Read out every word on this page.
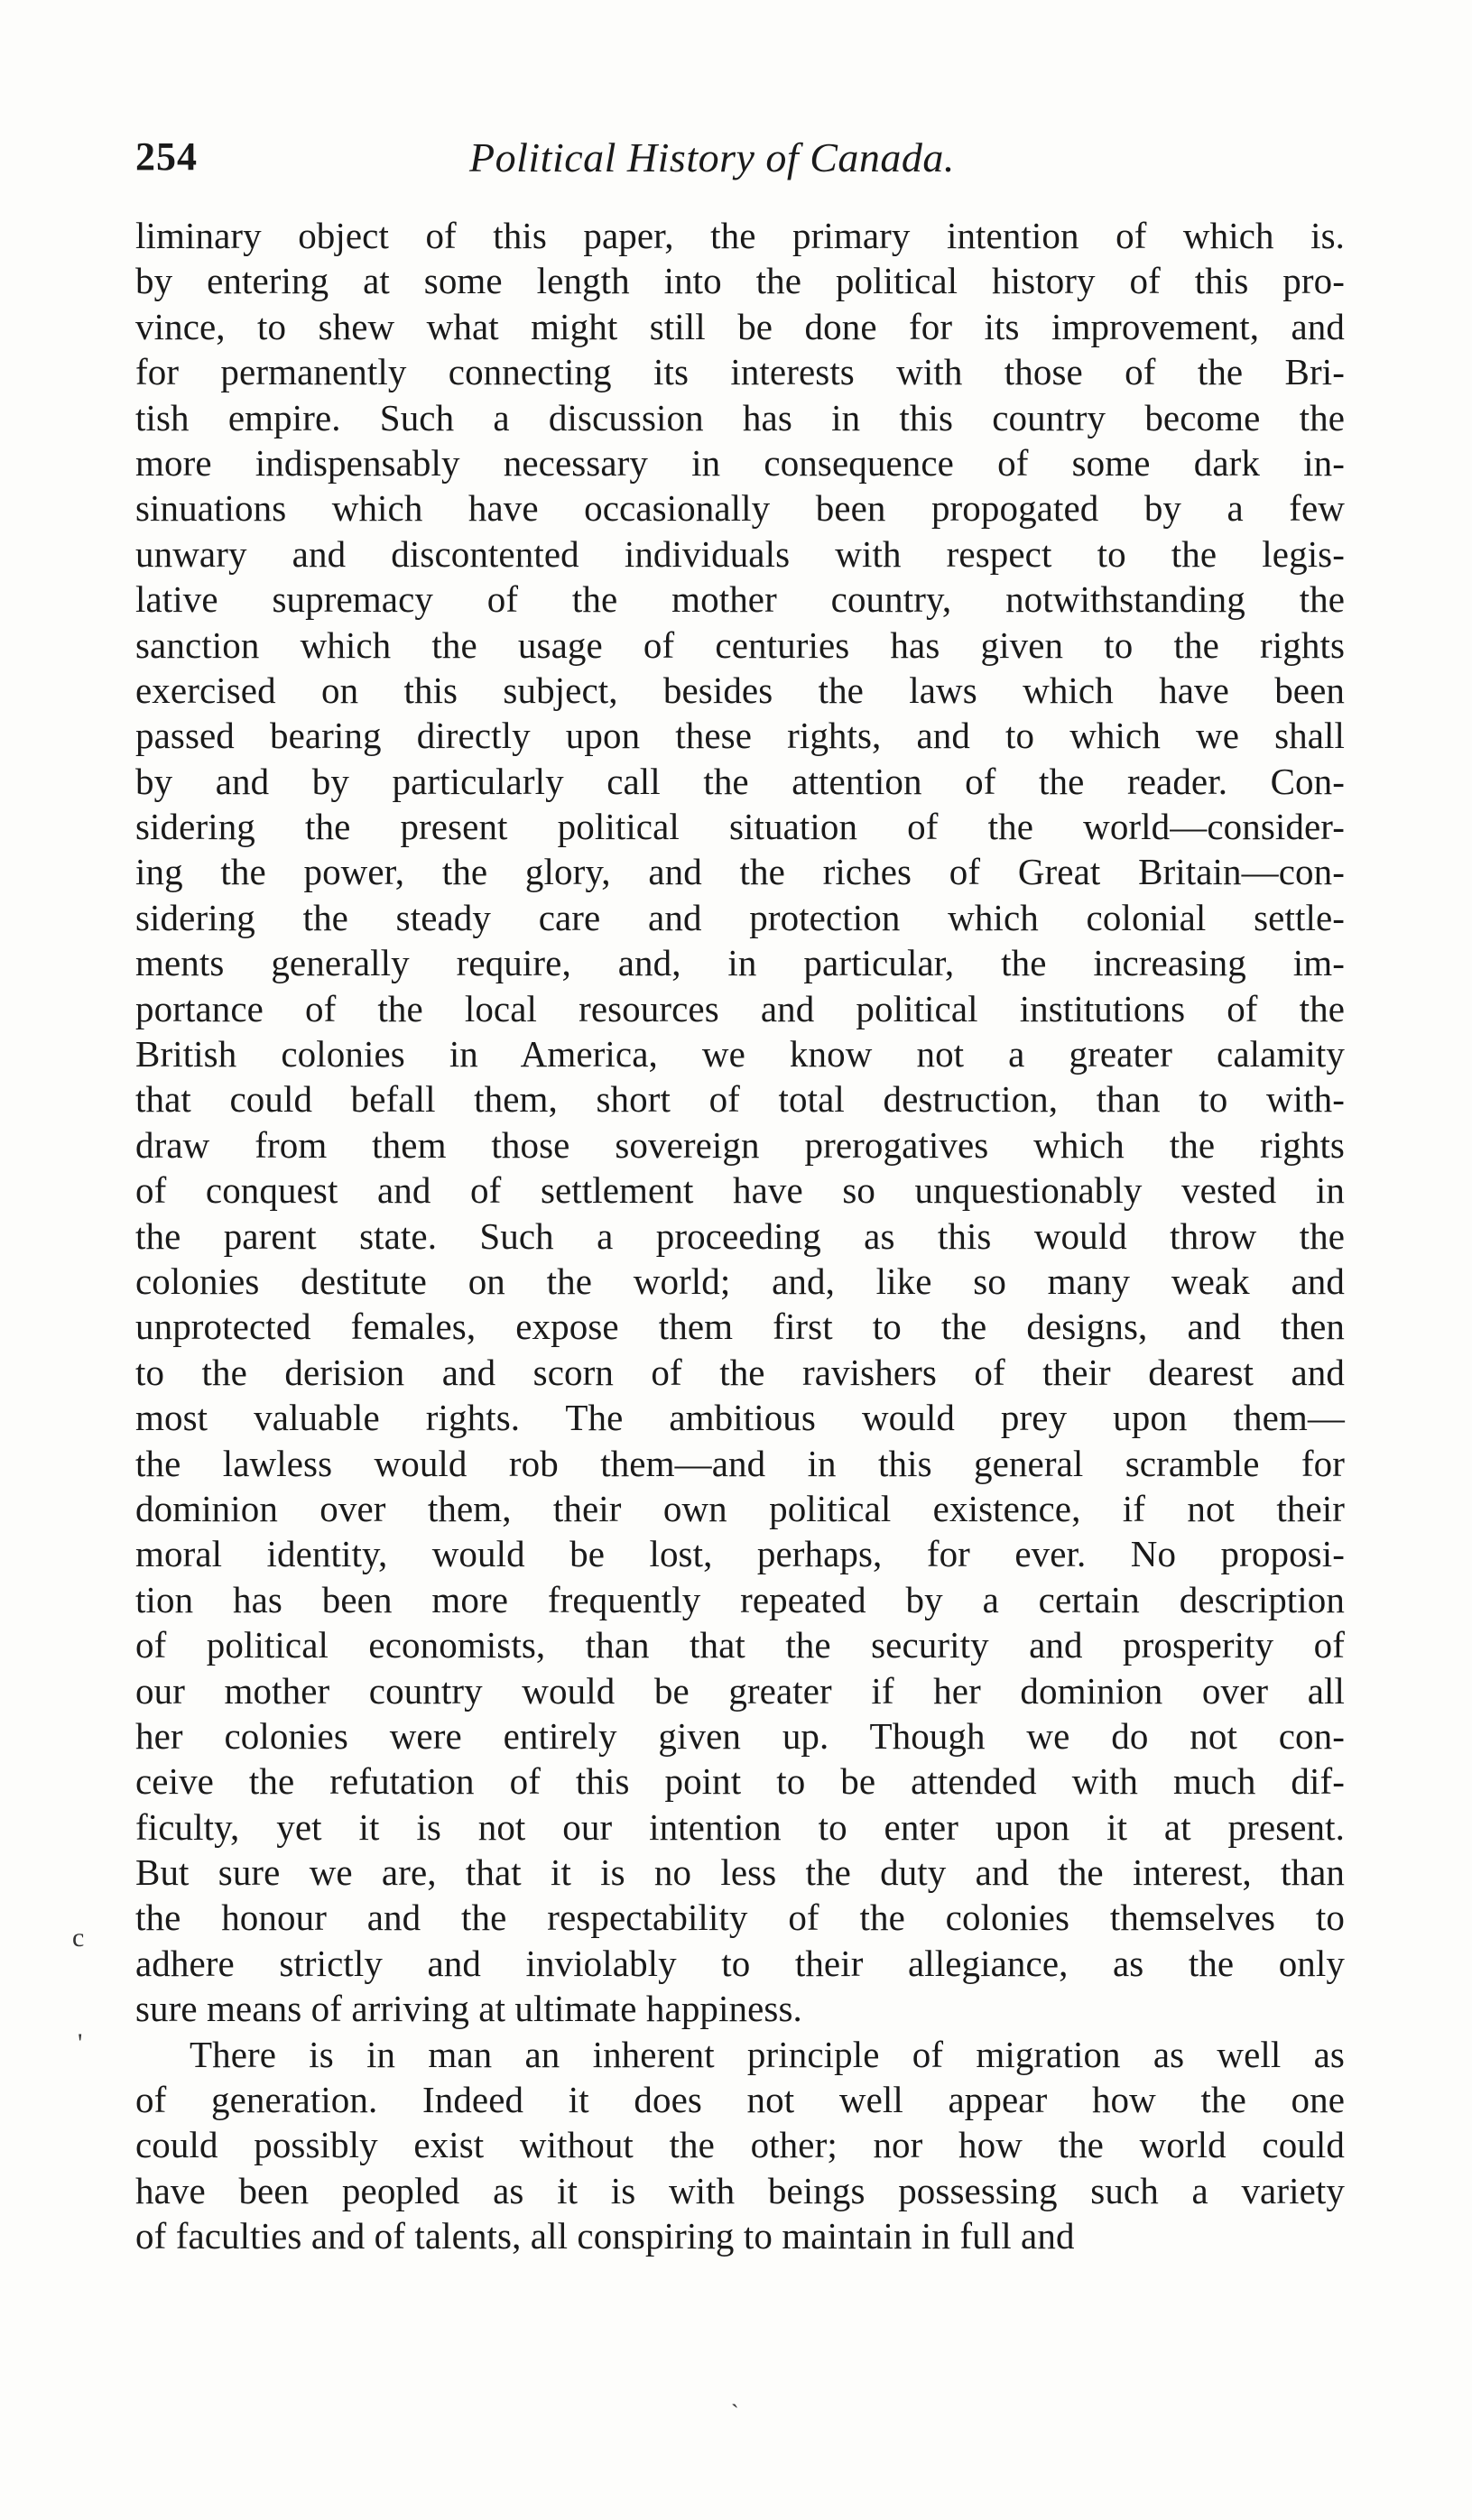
254	Political History of Canada.
liminary object of this paper, the primary intention of which is.
by entering at some length into the political history of this pro-
vince, to shew what might still be done for its improvement, and
for permanently connecting its interests with those of the Bri-
tish empire. Such a discussion has in this country become the
more indispensably necessary in consequence of some dark in-
sinuations which have occasionally been propogated by a few
unwary and discontented individuals with respect to the legis-
lative supremacy of the mother country, notwithstanding the
sanction which the usage of centuries has given to the rights
exercised on this subject, besides the laws which have been
passed bearing directly upon these rights, and to which we shall
by and by particularly call the attention of the reader. Con-
sidering the present political situation of the world—consider-
ing the power, the glory, and the riches of Great Britain—con-
sidering the steady care and protection which colonial settle-
ments generally require, and, in particular, the increasing im-
portance of the local resources and political institutions of the
British colonies in America, we know not a greater calamity
that could befall them, short of total destruction, than to with-
draw from them those sovereign prerogatives which the rights
of conquest and of settlement have so unquestionably vested in
the parent state. Such a proceeding as this would throw the
colonies destitute on the world; and, like so many weak and
unprotected females, expose them first to the designs, and then
to the derision and scorn of the ravishers of their dearest and
most valuable rights. The ambitious would prey upon them—
the lawless would rob them—and in this general scramble for
dominion over them, their own political existence, if not their
moral identity, would be lost, perhaps, for ever. No proposi-
tion has been more frequently repeated by a certain description
of political economists, than that the security and prosperity of
our mother country would be greater if her dominion over all
her colonies were entirely given up. Though we do not con-
ceive the refutation of this point to be attended with much dif-
ficulty, yet it is not our intention to enter upon it at present.
But sure we are, that it is no less the duty and the interest, than
the honour and the respectability of the colonies themselves to
adhere strictly and inviolably to their allegiance, as the only
sure means of arriving at ultimate happiness.
There is in man an inherent principle of migration as well as
of generation. Indeed it does not well appear how the one
could possibly exist without the other; nor how the world could
have been peopled as it is with beings possessing such a variety
of faculties and of talents, all conspiring to maintain in full and
c
'
`
